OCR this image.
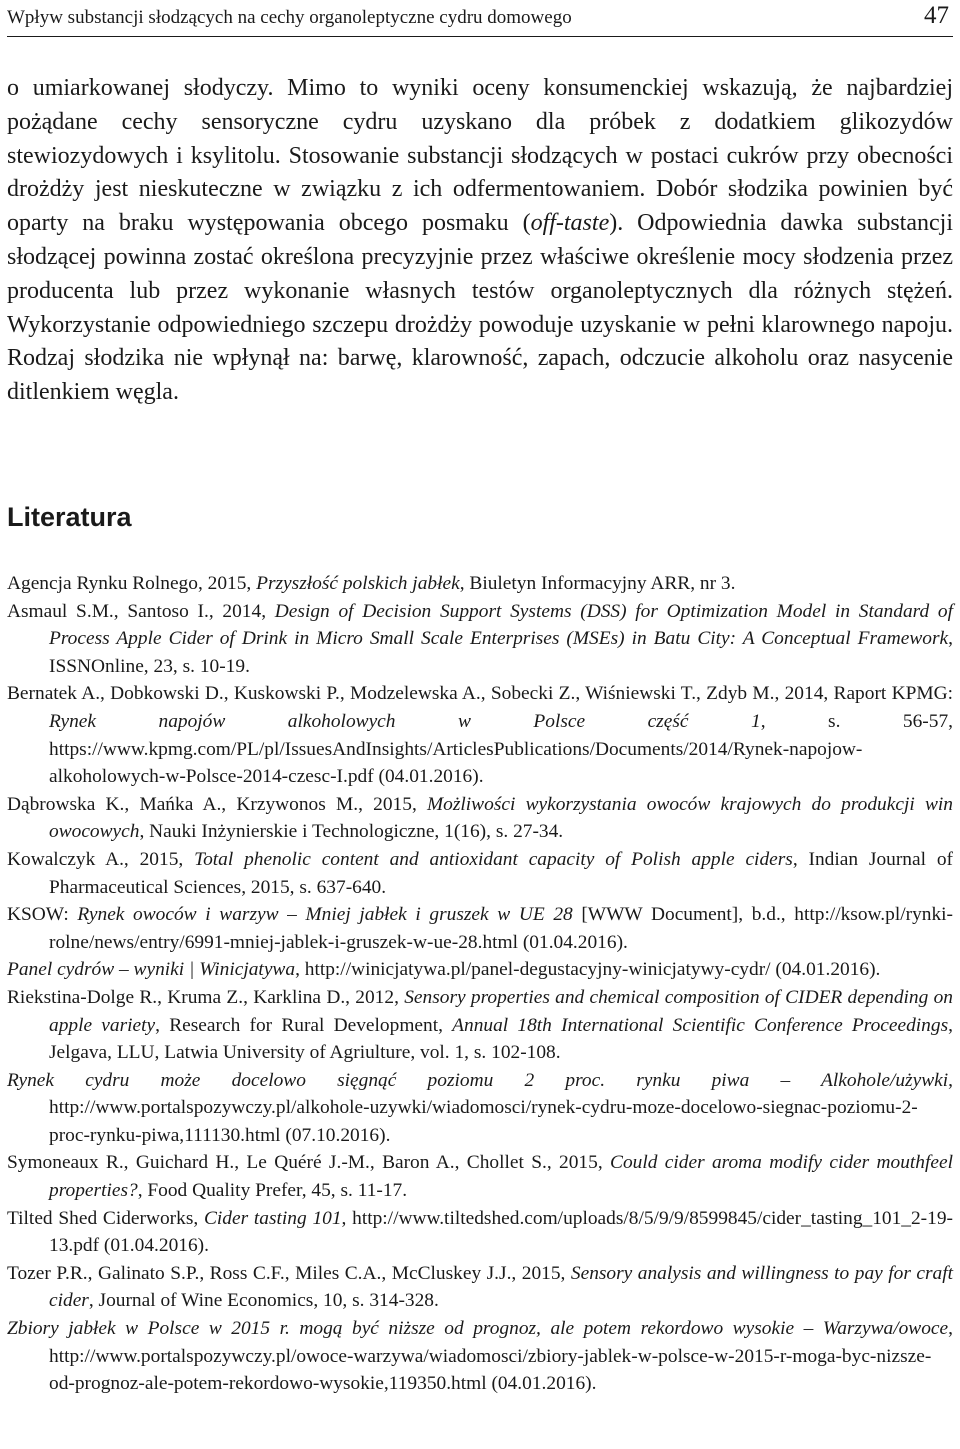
Wpływ substancji słodzących na cechy organoleptyczne cydru domowego	47

o umiarkowanej słodyczy. Mimo to wyniki oceny konsumenckiej wskazują, że najbardziej pożądane cechy sensoryczne cydru uzyskano dla próbek z dodatkiem glikozydów stewiozydowych i ksylitolu. Stosowanie substancji słodzących w postaci cukrów przy obecności drożdży jest nieskuteczne w związku z ich odfermentowaniem. Dobór słodzika powinien być oparty na braku występowania obcego posmaku (off-taste). Odpowiednia dawka substancji słodzącej powinna zostać określona precyzyjnie przez właściwe określenie mocy słodzenia przez producenta lub przez wykonanie własnych testów organoleptycznych dla różnych stężeń. Wykorzystanie odpowiedniego szczepu drożdży powoduje uzyskanie w pełni klarownego napoju. Rodzaj słodzika nie wpłynął na: barwę, klarowność, zapach, odczucie alkoholu oraz nasycenie ditlenkiem węgla.

Literatura

Agencja Rynku Rolnego, 2015, Przyszłość polskich jabłek, Biuletyn Informacyjny ARR, nr 3.

Asmaul S.M., Santoso I., 2014, Design of Decision Support Systems (DSS) for Optimization Model in Standard of Process Apple Cider of Drink in Micro Small Scale Enterprises (MSEs) in Batu City: A Conceptual Framework, ISSNOnline, 23, s. 10-19.

Bernatek A., Dobkowski D., Kuskowski P., Modzelewska A., Sobecki Z., Wiśniewski T., Zdyb M., 2014, Raport KPMG: Rynek napojów alkoholowych w Polsce część 1, s. 56-57, https://www.kpmg.com/PL/pl/IssuesAndInsights/ArticlesPublications/Documents/2014/Rynek-napojow-alkoholowych-w-Polsce-2014-czesc-I.pdf (04.01.2016).

Dąbrowska K., Mańka A., Krzywonos M., 2015, Możliwości wykorzystania owoców krajowych do produkcji win owocowych, Nauki Inżynierskie i Technologiczne, 1(16), s. 27-34.

Kowalczyk A., 2015, Total phenolic content and antioxidant capacity of Polish apple ciders, Indian Journal of Pharmaceutical Sciences, 2015, s. 637-640.

KSOW: Rynek owoców i warzyw – Mniej jabłek i gruszek w UE 28 [WWW Document], b.d., http://ksow.pl/rynki-rolne/news/entry/6991-mniej-jablek-i-gruszek-w-ue-28.html (01.04.2016).

Panel cydrów – wyniki | Winicjatywa, http://winicjatywa.pl/panel-degustacyjny-winicjatywy-cydr/ (04.01.2016).

Riekstina-Dolge R., Kruma Z., Karklina D., 2012, Sensory properties and chemical composition of CIDER depending on apple variety, Research for Rural Development, Annual 18th International Scientific Conference Proceedings, Jelgava, LLU, Latwia University of Agriulture, vol. 1, s. 102-108.

Rynek cydru może docelowo sięgnąć poziomu 2 proc. rynku piwa – Alkohole/używki, http://www.portalspozywczy.pl/alkohole-uzywki/wiadomosci/rynek-cydru-moze-docelowo-siegnac-poziomu-2-proc-rynku-piwa,111130.html (07.10.2016).

Symoneaux R., Guichard H., Le Quéré J.-M., Baron A., Chollet S., 2015, Could cider aroma modify cider mouthfeel properties?, Food Quality Prefer, 45, s. 11-17.

Tilted Shed Ciderworks, Cider tasting 101, http://www.tiltedshed.com/uploads/8/5/9/9/8599845/cider_tasting_101_2-19-13.pdf (01.04.2016).

Tozer P.R., Galinato S.P., Ross C.F., Miles C.A., McCluskey J.J., 2015, Sensory analysis and willingness to pay for craft cider, Journal of Wine Economics, 10, s. 314-328.

Zbiory jabłek w Polsce w 2015 r. mogą być niższe od prognoz, ale potem rekordowo wysokie – Warzywa/owoce, http://www.portalspozywczy.pl/owoce-warzywa/wiadomosci/zbiory-jablek-w-polsce-w-2015-r-moga-byc-nizsze-od-prognoz-ale-potem-rekordowo-wysokie,119350.html (04.01.2016).
